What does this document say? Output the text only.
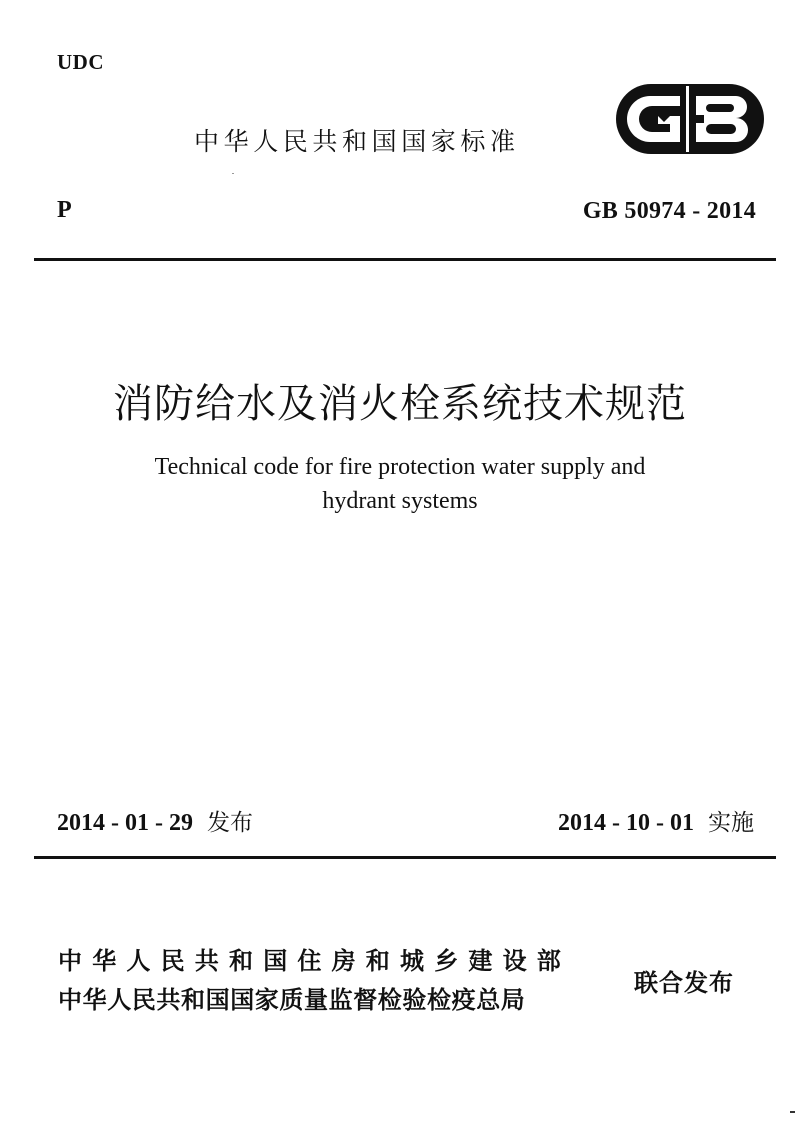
UDC
中华人民共和国国家标准
P	GB 50974 - 2014
消防给水及消火栓系统技术规范
Technical code for fire protection water supply and
hydrant systems
2014 - 01 - 29 发布	2014 - 10 - 01 实施
中华人民共和国住房和城乡建设部
中华人民共和国国家质量监督检验检疫总局
联合发布
